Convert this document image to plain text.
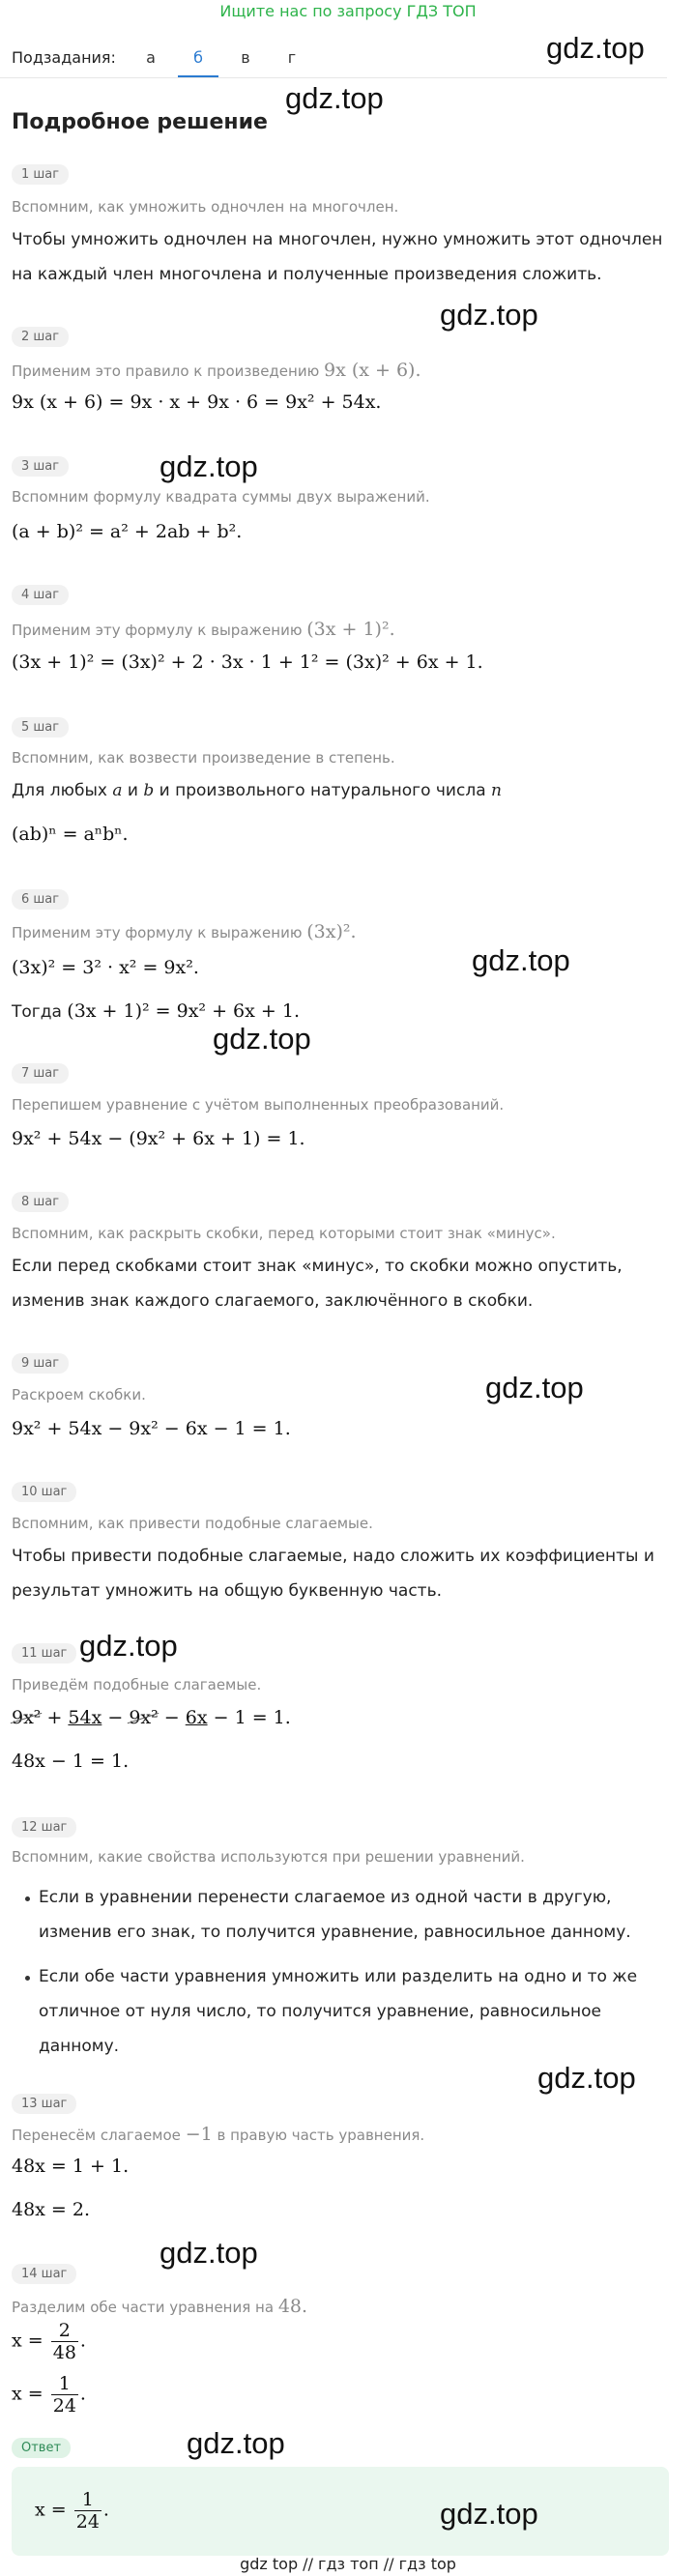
Ищите нас по запросу ГДЗ ТОП
Подзадания:	а	б	в	г
Подробное решение
1 шаг
Вспомним, как умножить одночлен на многочлен.
Чтобы умножить одночлен на многочлен, нужно умножить этот одночлен на каждый член многочлена и полученные произведения сложить.
2 шаг
Применим это правило к произведению 9x (x + 6).
9x (x + 6) = 9x · x + 9x · 6 = 9x² + 54x.
3 шаг
Вспомним формулу квадрата суммы двух выражений.
(a + b)² = a² + 2ab + b².
4 шаг
Применим эту формулу к выражению (3x + 1)².
(3x + 1)² = (3x)² + 2 · 3x · 1 + 1² = (3x)² + 6x + 1.
5 шаг
Вспомним, как возвести произведение в степень.
Для любых a и b и произвольного натурального числа n
(ab)ⁿ = aⁿbⁿ.
6 шаг
Применим эту формулу к выражению (3x)².
(3x)² = 3² · x² = 9x².
Тогда (3x + 1)² = 9x² + 6x + 1.
7 шаг
Перепишем уравнение с учётом выполненных преобразований.
9x² + 54x − (9x² + 6x + 1) = 1.
8 шаг
Вспомним, как раскрыть скобки, перед которыми стоит знак «минус».
Если перед скобками стоит знак «минус», то скобки можно опустить, изменив знак каждого слагаемого, заключённого в скобки.
9 шаг
Раскроем скобки.
9x² + 54x − 9x² − 6x − 1 = 1.
10 шаг
Вспомним, как привести подобные слагаемые.
Чтобы привести подобные слагаемые, надо сложить их коэффициенты и результат умножить на общую буквенную часть.
11 шаг
Приведём подобные слагаемые.
9x² + 54x − 9x² − 6x − 1 = 1.
48x − 1 = 1.
12 шаг
Вспомним, какие свойства используются при решении уравнений.
Если в уравнении перенести слагаемое из одной части в другую, изменив его знак, то получится уравнение, равносильное данному.
Если обе части уравнения умножить или разделить на одно и то же отличное от нуля число, то получится уравнение, равносильное данному.
13 шаг
Перенесём слагаемое −1 в правую часть уравнения.
48x = 1 + 1.
48x = 2.
14 шаг
Разделим обе части уравнения на 48.
$x = \frac{2}{48}$ .
$x = \frac{1}{24}$ .
Ответ
$x = \frac{1}{24}$ .
gdz.top
gdz.top
gdz.top
gdz.top
gdz.top
gdz.top
gdz.top
gdz.top
gdz.top
gdz.top
gdz.top
gdz.top
gdz top // гдз топ // гдз top
